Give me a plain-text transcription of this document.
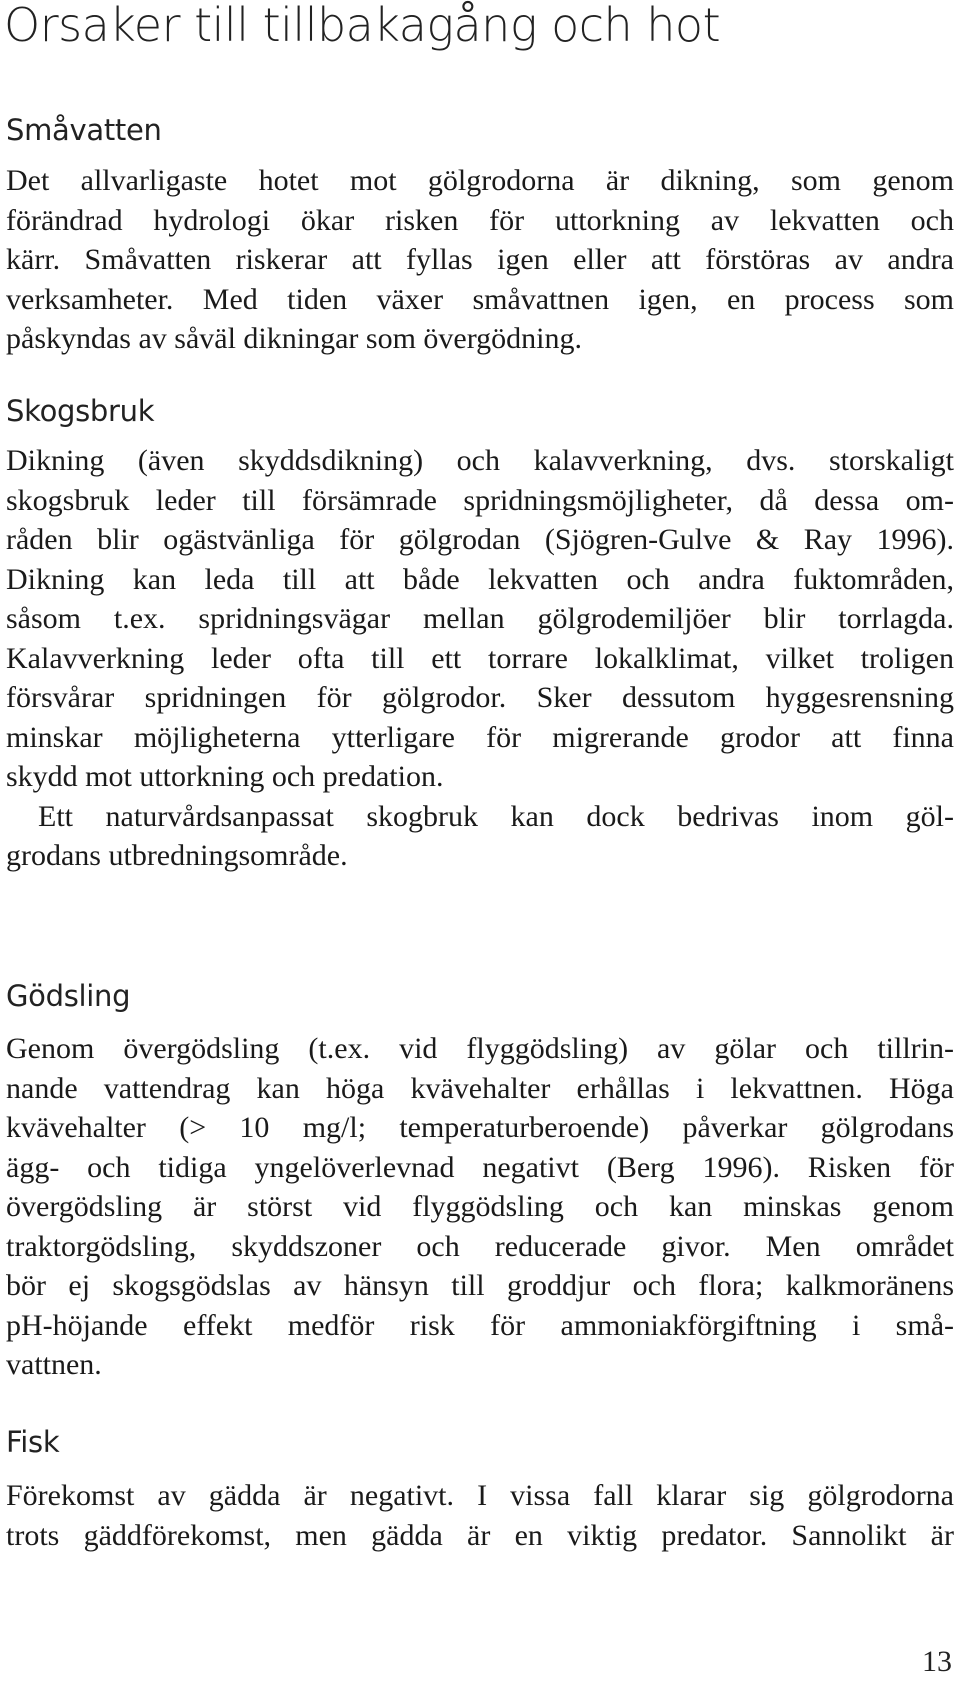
Orsaker till tillbakagång och hot
Småvatten
Det allvarligaste hotet mot gölgrodorna är dikning, som genom
förändrad hydrologi ökar risken för uttorkning av lekvatten och
kärr. Småvatten riskerar att fyllas igen eller att förstöras av andra
verksamheter. Med tiden växer småvattnen igen, en process som
påskyndas av såväl dikningar som övergödning.
Skogsbruk
Dikning (även skyddsdikning) och kalavverkning, dvs. storskaligt
skogsbruk leder till försämrade spridningsmöjligheter, då dessa om-
råden blir ogästvänliga för gölgrodan (Sjögren-Gulve & Ray 1996).
Dikning kan leda till att både lekvatten och andra fuktområden,
såsom t.ex. spridningsvägar mellan gölgrodemiljöer blir torrlagda.
Kalavverkning leder ofta till ett torrare lokalklimat, vilket troligen
försvårar spridningen för gölgrodor. Sker dessutom hyggesrensning
minskar möjligheterna ytterligare för migrerande grodor att finna
skydd mot uttorkning och predation.
Ett naturvårdsanpassat skogbruk kan dock bedrivas inom göl-
grodans utbredningsområde.
Gödsling
Genom övergödsling (t.ex. vid flyggödsling) av gölar och tillrin-
nande vattendrag kan höga kvävehalter erhållas i lekvattnen. Höga
kvävehalter (> 10 mg/l; temperaturberoende) påverkar gölgrodans
ägg- och tidiga yngelöverlevnad negativt (Berg 1996). Risken för
övergödsling är störst vid flyggödsling och kan minskas genom
traktorgödsling, skyddszoner och reducerade givor. Men området
bör ej skogsgödslas av hänsyn till groddjur och flora; kalkmoränens
pH-höjande effekt medför risk för ammoniakförgiftning i små-
vattnen.
Fisk
Förekomst av gädda är negativt. I vissa fall klarar sig gölgrodorna
trots gäddförekomst, men gädda är en viktig predator. Sannolikt är
13
